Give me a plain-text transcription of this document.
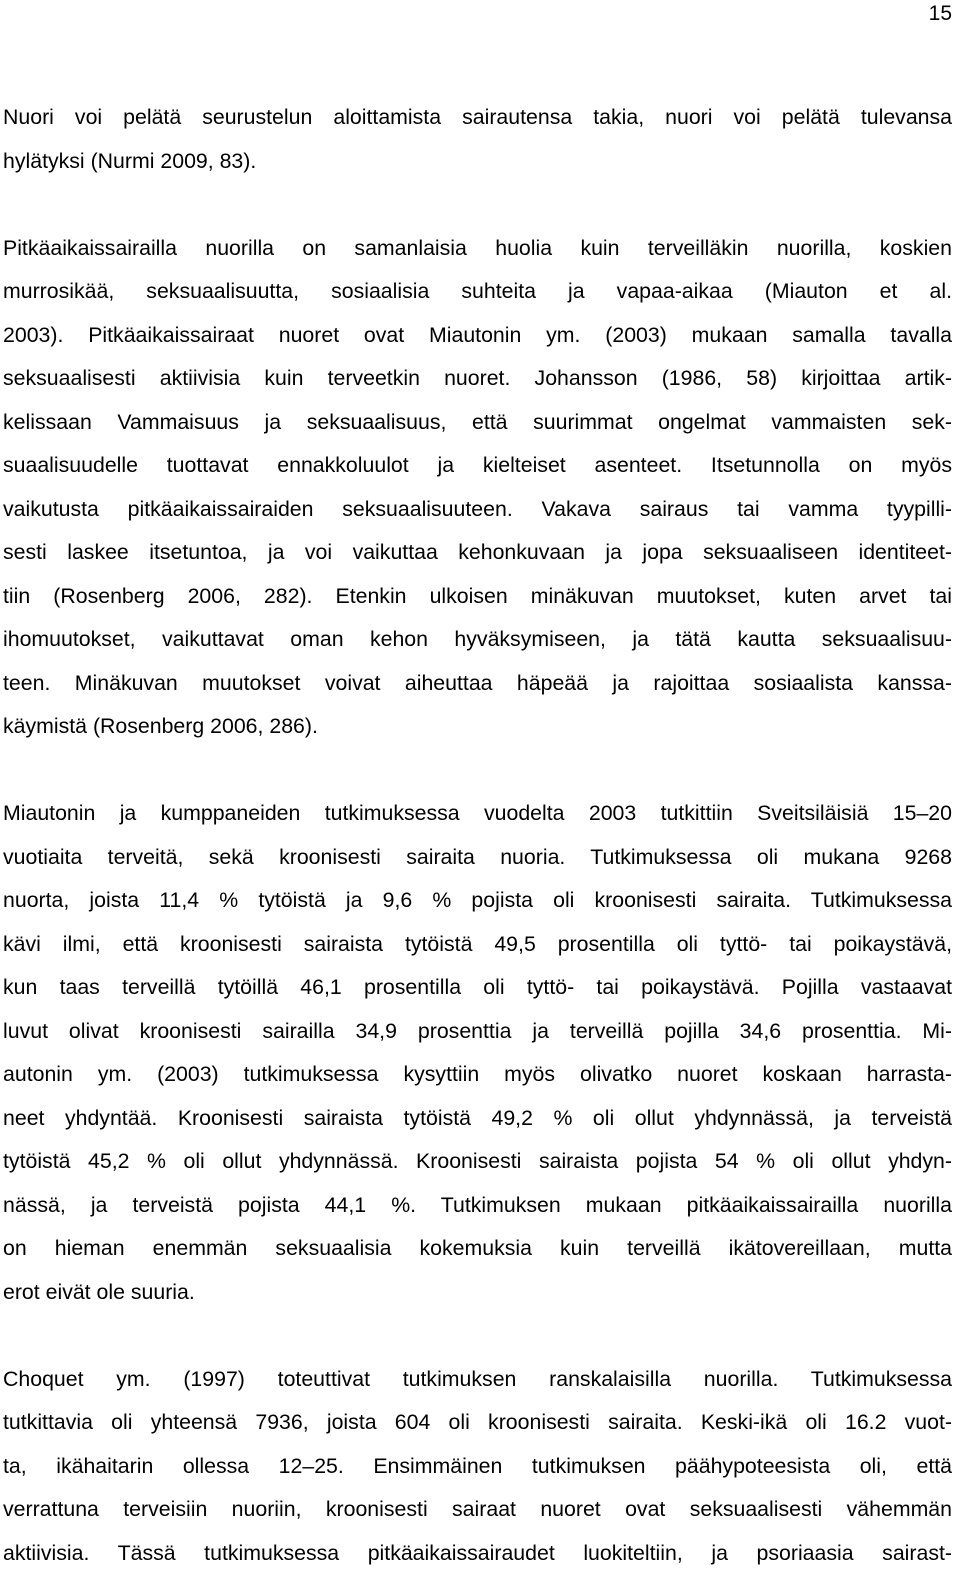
15
Nuori voi pelätä seurustelun aloittamista sairautensa takia, nuori voi pelätä tulevansa
hylätyksi (Nurmi 2009, 83).
Pitkäaikaissairailla nuorilla on samanlaisia huolia kuin terveilläkin nuorilla, koskien
murrosikää, seksuaalisuutta, sosiaalisia suhteita ja vapaa-aikaa (Miauton et al.
2003). Pitkäaikaissairaat nuoret ovat Miautonin ym. (2003) mukaan samalla tavalla
seksuaalisesti aktiivisia kuin terveetkin nuoret. Johansson (1986, 58) kirjoittaa artik-
kelissaan Vammaisuus ja seksuaalisuus, että suurimmat ongelmat vammaisten sek-
suaalisuudelle tuottavat ennakkoluulot ja kielteiset asenteet. Itsetunnolla on myös
vaikutusta pitkäaikaissairaiden seksuaalisuuteen. Vakava sairaus tai vamma tyypilli-
sesti laskee itsetuntoa, ja voi vaikuttaa kehonkuvaan ja jopa seksuaaliseen identiteet-
tiin (Rosenberg 2006, 282). Etenkin ulkoisen minäkuvan muutokset, kuten arvet tai
ihomuutokset, vaikuttavat oman kehon hyväksymiseen, ja tätä kautta seksuaalisuu-
teen. Minäkuvan muutokset voivat aiheuttaa häpeää ja rajoittaa sosiaalista kanssa-
käymistä (Rosenberg 2006, 286).
Miautonin ja kumppaneiden tutkimuksessa vuodelta 2003 tutkittiin Sveitsiläisiä 15–20
vuotiaita terveitä, sekä kroonisesti sairaita nuoria. Tutkimuksessa oli mukana 9268
nuorta, joista 11,4 % tytöistä ja 9,6 % pojista oli kroonisesti sairaita. Tutkimuksessa
kävi ilmi, että kroonisesti sairaista tytöistä 49,5 prosentilla oli tyttö- tai poikaystävä,
kun taas terveillä tytöillä 46,1 prosentilla oli tyttö- tai poikaystävä. Pojilla vastaavat
luvut olivat kroonisesti sairailla 34,9 prosenttia ja terveillä pojilla 34,6 prosenttia. Mi-
autonin ym. (2003) tutkimuksessa kysyttiin myös olivatko nuoret koskaan harrasta-
neet yhdyntää. Kroonisesti sairaista tytöistä 49,2 % oli ollut yhdynnässä, ja terveistä
tytöistä 45,2 % oli ollut yhdynnässä. Kroonisesti sairaista pojista 54 % oli ollut yhdyn-
nässä, ja terveistä pojista 44,1 %. Tutkimuksen mukaan pitkäaikaissairailla nuorilla
on hieman enemmän seksuaalisia kokemuksia kuin terveillä ikätovereillaan, mutta
erot eivät ole suuria.
Choquet ym. (1997) toteuttivat tutkimuksen ranskalaisilla nuorilla. Tutkimuksessa
tutkittavia oli yhteensä 7936, joista 604 oli kroonisesti sairaita. Keski-ikä oli 16.2 vuot-
ta, ikähaitarin ollessa 12–25. Ensimmäinen tutkimuksen päähypoteesista oli, että
verrattuna terveisiin nuoriin, kroonisesti sairaat nuoret ovat seksuaalisesti vähemmän
aktiivisia. Tässä tutkimuksessa pitkäaikaissairaudet luokiteltiin, ja psoriaasia sairast-
